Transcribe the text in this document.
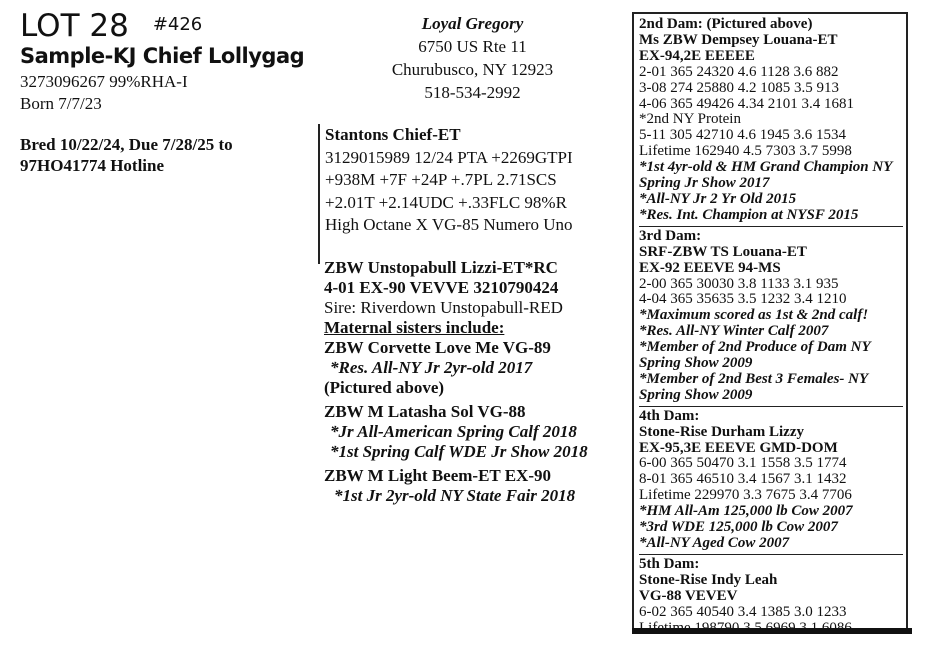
LOT 28 #426
Sample-KJ Chief Lollygag
3273096267 99%RHA-I
Born 7/7/23
Bred 10/22/24, Due 7/28/25 to
97HO41774 Hotline
Loyal Gregory
6750 US Rte 11
Churubusco, NY 12923
518-534-2992
Stantons Chief-ET
3129015989 12/24 PTA +2269GTPI
+938M +7F +24P +.7PL 2.71SCS
+2.01T +2.14UDC +.33FLC 98%R
High Octane X VG-85 Numero Uno
ZBW Unstopabull Lizzi-ET*RC
4-01 EX-90 VEVVE 3210790424
Sire: Riverdown Unstopabull-RED
Maternal sisters include:
ZBW Corvette Love Me VG-89
*Res. All-NY Jr 2yr-old 2017
(Pictured above)
ZBW M Latasha Sol VG-88
*Jr All-American Spring Calf 2018
*1st Spring Calf WDE Jr Show 2018
ZBW M Light Beem-ET EX-90
*1st Jr 2yr-old NY State Fair 2018
2nd Dam: (Pictured above)
Ms ZBW Dempsey Louana-ET
EX-94,2E EEEEE
2-01 365 24320 4.6 1128 3.6 882
3-08 274 25880 4.2 1085 3.5 913
4-06 365 49426 4.34 2101 3.4 1681
*2nd NY Protein
5-11 305 42710 4.6 1945 3.6 1534
Lifetime 162940 4.5 7303 3.7 5998
*1st 4yr-old & HM Grand Champion NY Spring Jr Show 2017
*All-NY Jr 2 Yr Old 2015
*Res. Int. Champion at NYSF 2015
3rd Dam:
SRF-ZBW TS Louana-ET
EX-92 EEEVE 94-MS
2-00 365 30030 3.8 1133 3.1 935
4-04 365 35635 3.5 1232 3.4 1210
*Maximum scored as 1st & 2nd calf!
*Res. All-NY Winter Calf 2007
*Member of 2nd Produce of Dam NY Spring Show 2009
*Member of 2nd Best 3 Females- NY Spring Show 2009
4th Dam:
Stone-Rise Durham Lizzy
EX-95,3E EEEVE GMD-DOM
6-00 365 50470 3.1 1558 3.5 1774
8-01 365 46510 3.4 1567 3.1 1432
Lifetime 229970 3.3 7675 3.4 7706
*HM All-Am 125,000 lb Cow 2007
*3rd WDE 125,000 lb Cow 2007
*All-NY Aged Cow 2007
5th Dam:
Stone-Rise Indy Leah
VG-88 VEVEV
6-02 365 40540 3.4 1385 3.0 1233
